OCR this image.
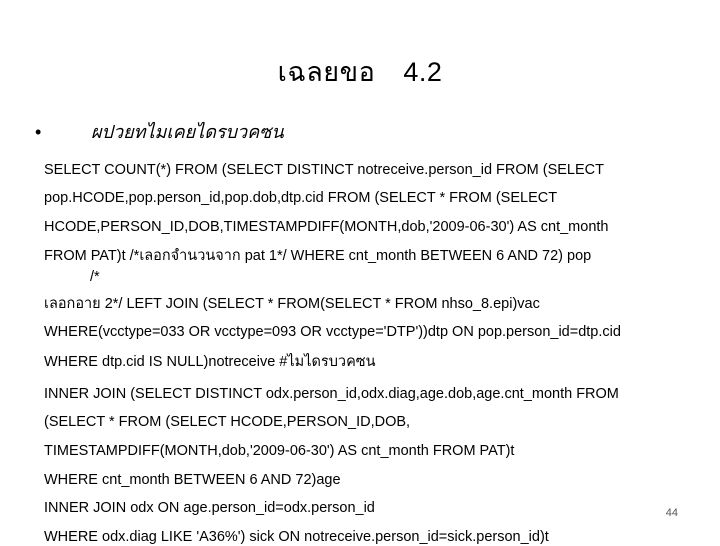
เฉลยขอ 4.2
•	ผปวยทไมเคยไดรบวคซน
SELECT COUNT(*) FROM (SELECT DISTINCT notreceive.person_id FROM (SELECT
pop.HCODE,pop.person_id,pop.dob,dtp.cid FROM (SELECT * FROM (SELECT
HCODE,PERSON_ID,DOB,TIMESTAMPDIFF(MONTH,dob,'2009-06-30') AS cnt_month
FROM PAT)t /*เลอกจำนวนจาก pat 1*/ WHERE cnt_month BETWEEN 6 AND 72) pop
/*
เลอกอาย 2*/ LEFT JOIN (SELECT * FROM(SELECT * FROM nhso_8.epi)vac
WHERE(vcctype=033 OR vcctype=093 OR vcctype='DTP'))dtp ON pop.person_id=dtp.cid
WHERE dtp.cid IS NULL)notreceive #ไมไดรบวคซน
INNER JOIN (SELECT DISTINCT odx.person_id,odx.diag,age.dob,age.cnt_month FROM
(SELECT * FROM (SELECT HCODE,PERSON_ID,DOB,
TIMESTAMPDIFF(MONTH,dob,'2009-06-30') AS cnt_month FROM PAT)t
WHERE cnt_month BETWEEN 6 AND 72)age
INNER JOIN odx ON age.person_id=odx.person_id
WHERE odx.diag LIKE 'A36%') sick ON notreceive.person_id=sick.person_id)t
44
